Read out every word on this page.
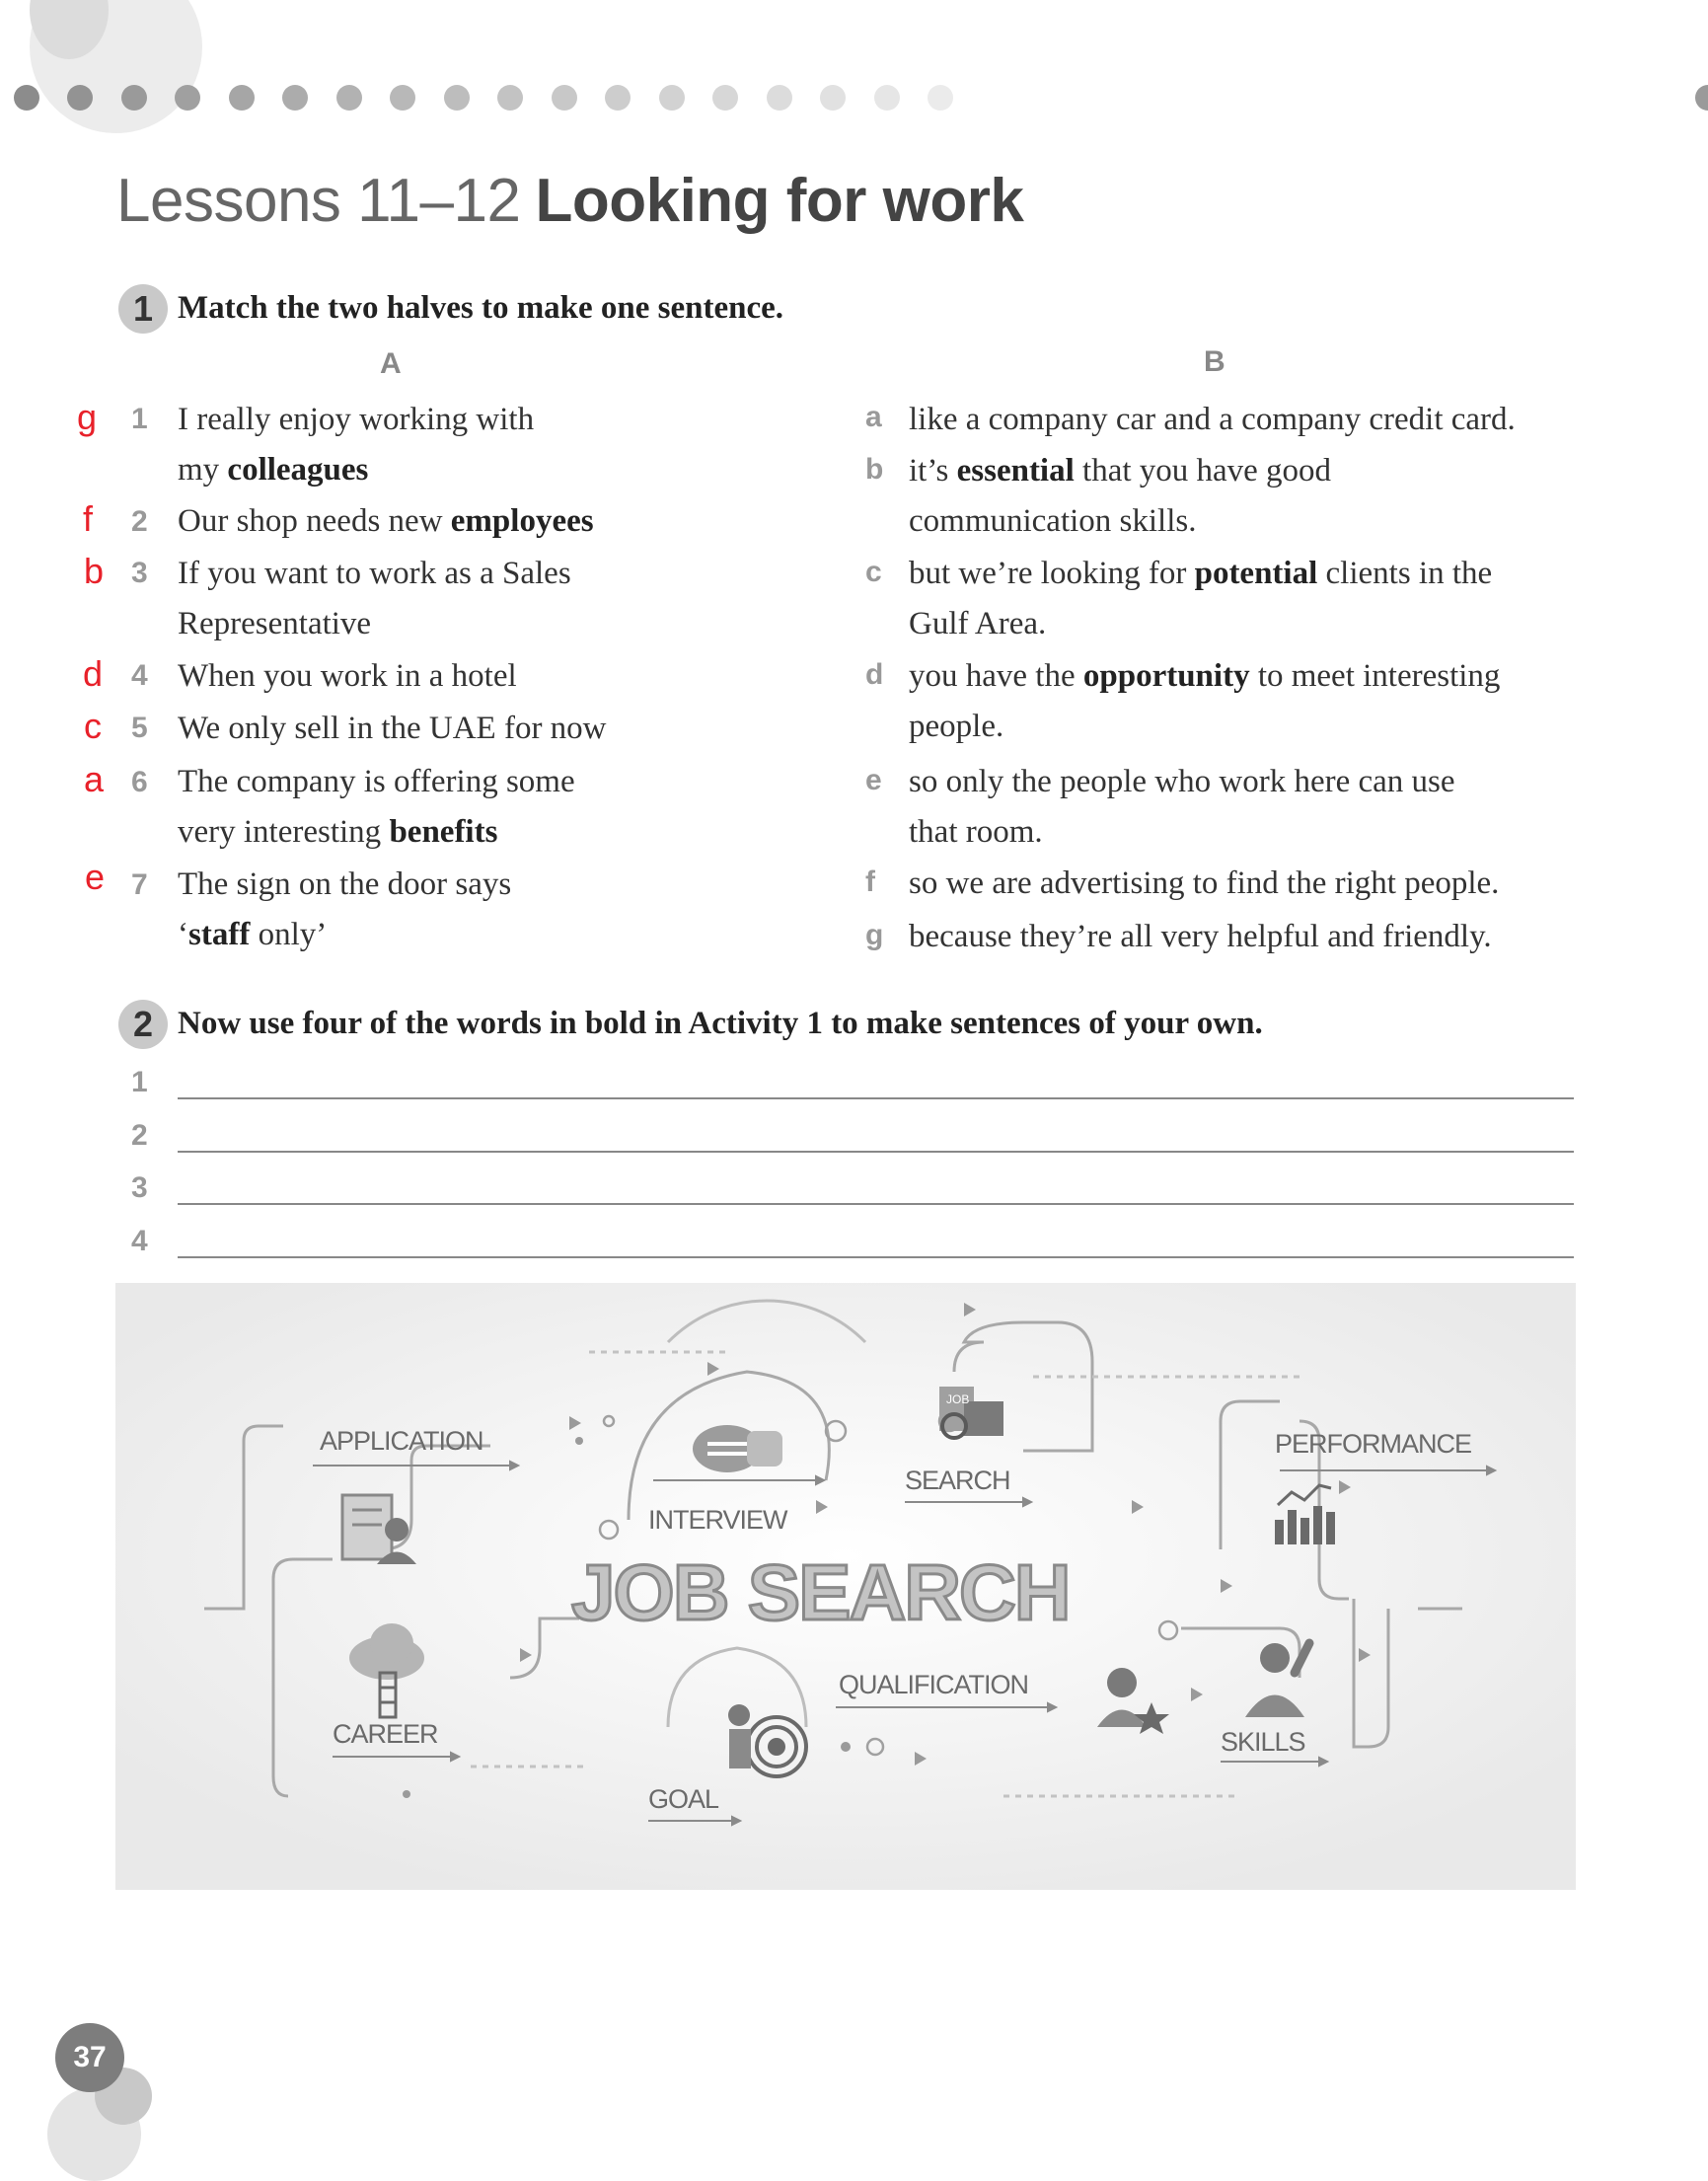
Lessons 11–12 Looking for work
1 Match the two halves to make one sentence.
A	B
g 1 I really enjoy working with
my colleagues
f 2 Our shop needs new employees
b 3 If you want to work as a Sales
Representative
d 4 When you work in a hotel
c 5 We only sell in the UAE for now
a 6 The company is offering some
very interesting benefits
e 7 The sign on the door says
‘staff only’
a like a company car and a company credit card.
b it’s essential that you have good
communication skills.
c but we’re looking for potential clients in the
Gulf Area.
d you have the opportunity to meet interesting
people.
e so only the people who work here can use
that room.
f so we are advertising to find the right people.
g because they’re all very helpful and friendly.
2 Now use four of the words in bold in Activity 1 to make sentences of your own.
1
2
3
4
JOB
APPLICATION
INTERVIEW
SEARCH
PERFORMANCE
CAREER
GOAL
QUALIFICATION
SKILLS
JOB SEARCH
37
